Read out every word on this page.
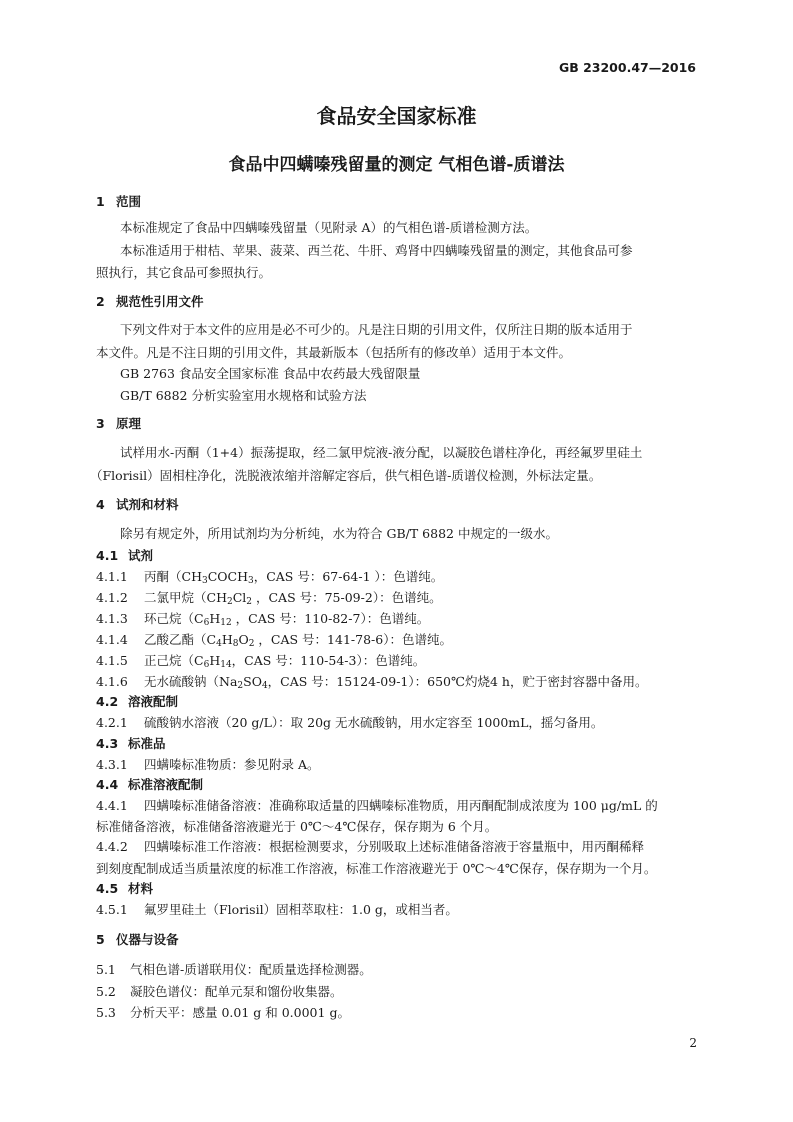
GB 23200.47—2016
食品安全国家标准
食品中四螨嗪残留量的测定 气相色谱-质谱法
1 范围
本标准规定了食品中四螨嗪残留量（见附录 A）的气相色谱-质谱检测方法。
本标准适用于柑桔、苹果、菠菜、西兰花、牛肝、鸡肾中四螨嗪残留量的测定，其他食品可参
照执行，其它食品可参照执行。
2 规范性引用文件
下列文件对于本文件的应用是必不可少的。凡是注日期的引用文件，仅所注日期的版本适用于
本文件。凡是不注日期的引用文件，其最新版本（包括所有的修改单）适用于本文件。
GB 2763 食品安全国家标准 食品中农药最大残留限量
GB/T 6882 分析实验室用水规格和试验方法
3 原理
试样用水-丙酮（1+4）振荡提取，经二氯甲烷液-液分配，以凝胶色谱柱净化，再经氟罗里硅土
（Florisil）固相柱净化，洗脱液浓缩并溶解定容后，供气相色谱-质谱仪检测，外标法定量。
4 试剂和材料
除另有规定外，所用试剂均为分析纯，水为符合 GB/T 6882 中规定的一级水。
4.1 试剂
4.1.1 丙酮（$CH_3COCH_3$，CAS 号：67-64-1 ）：色谱纯。
4.1.2 二氯甲烷（$CH_2Cl_2$ ，CAS 号：75-09-2）：色谱纯。
4.1.3 环己烷（$C_6H_{12}$ ，CAS 号：110-82-7）：色谱纯。
4.1.4 乙酸乙酯（$C_4H_8O_2$ ，CAS 号：141-78-6）：色谱纯。
4.1.5 正己烷（$C_6H_{14}$，CAS 号：110-54-3）：色谱纯。
4.1.6 无水硫酸钠（$Na_2SO_4$，CAS 号：15124-09-1）：650℃灼烧4 h，贮于密封容器中备用。
4.2 溶液配制
4.2.1 硫酸钠水溶液（20 g/L）：取 20g 无水硫酸钠，用水定容至 1000mL，摇匀备用。
4.3 标准品
4.3.1 四螨嗪标准物质：参见附录 A。
4.4 标准溶液配制
4.4.1 四螨嗪标准储备溶液：准确称取适量的四螨嗪标准物质，用丙酮配制成浓度为 100 μg/mL 的
标准储备溶液，标准储备溶液避光于 0℃～4℃保存，保存期为 6 个月。
4.4.2 四螨嗪标准工作溶液：根据检测要求，分别吸取上述标准储备溶液于容量瓶中，用丙酮稀释
到刻度配制成适当质量浓度的标准工作溶液，标准工作溶液避光于 0℃～4℃保存，保存期为一个月。
4.5 材料
4.5.1 氟罗里硅土（Florisil）固相萃取柱：1.0 g，或相当者。
5 仪器与设备
5.1 气相色谱-质谱联用仪：配质量选择检测器。
5.2 凝胶色谱仪：配单元泵和馏份收集器。
5.3 分析天平：感量 0.01 g 和 0.0001 g。
2
